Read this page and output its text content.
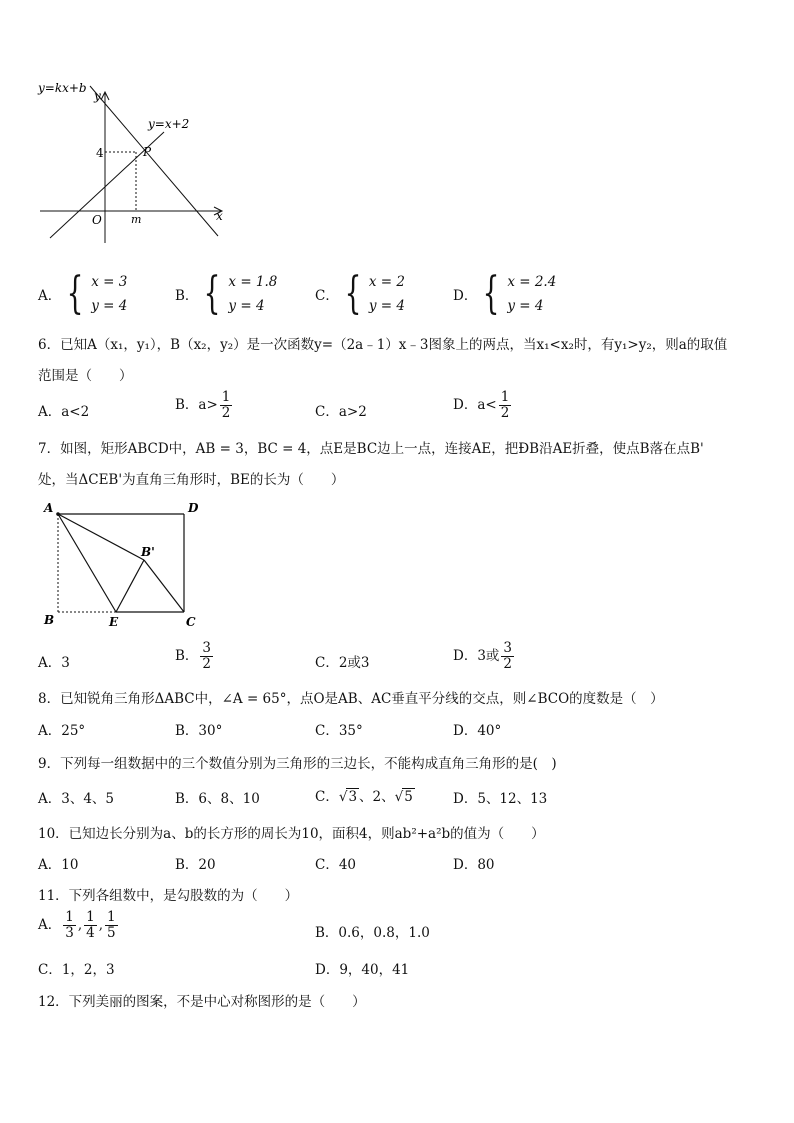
y=kx+b
y=x+2
y
x
O
P
4
m
A． { x = 3
y = 4
B． { x = 1.8
y = 4
C． { x = 2
y = 4
D． { x = 2.4
y = 4
6．已知A（x₁，y₁），B（x₂，y₂）是一次函数y=（2a﹣1）x﹣3图象上的两点，当x₁<x₂时，有y₁>y₂，则a的取值
范围是（　　）
A．a<2	B．$a> \frac{1}{2}$	C．a>2	D．$a< \frac{1}{2}$
7．如图，矩形ABCD中，AB = 3，BC = 4，点E是BC边上一点，连接AE，把ÐB沿AE折叠，使点B落在点B'
处，当ΔCEB'为直角三角形时，BE的长为（　　）
A	D
B	E	C
B'
A．3	B． $\frac{3}{2}$	C．2或3	D．3或 $\frac{3}{2}$
8．已知锐角三角形ΔABC中，∠A = 65°，点O是AB、AC垂直平分线的交点，则∠BCO的度数是（　）
A．25°	B．30°	C．35°	D．40°
9．下列每一组数据中的三个数值分别为三角形的三边长，不能构成直角三角形的是(　)
A．3、4、5	B．6、8、10	C．√3 、2、√5	D．5、12、13
10．已知边长分别为a、b的长方形的周长为10，面积4，则ab²+a²b的值为（　　）
A．10	B．20	C．40	D．80
11．下列各组数中，是勾股数的为（　　）
A． $\frac{1}{3}$ , $\frac{1}{4}$ , $\frac{1}{5}$	B．0.6，0.8，1.0
C．1，2，3	D．9，40，41
12．下列美丽的图案，不是中心对称图形的是（　　）
